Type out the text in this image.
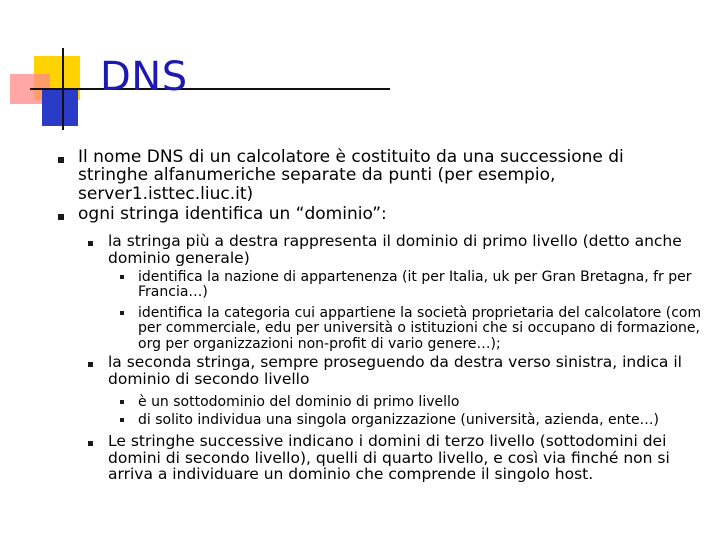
DNS
Il nome DNS di un calcolatore è costituito da una successione di stringhe alfanumeriche separate da punti (per esempio, server1.isttec.liuc.it)
ogni stringa identifica un “dominio”:
la stringa più a destra rappresenta il dominio di primo livello (detto anche dominio generale)
identifica la nazione di appartenenza (it per Italia, uk per Gran Bretagna, fr per Francia…)
identifica la categoria cui appartiene la società proprietaria del calcolatore (com per commerciale, edu per università o istituzioni che si occupano di formazione, org per organizzazioni non-profit di vario genere…);
la seconda stringa, sempre proseguendo da destra verso sinistra, indica il dominio di secondo livello
è un sottodominio del dominio di primo livello
di solito individua una singola organizzazione (università, azienda, ente…)
Le stringhe successive indicano i domini di terzo livello (sottodomini dei domini di secondo livello), quelli di quarto livello, e così via finché non si arriva a individuare un dominio che comprende il singolo host.
